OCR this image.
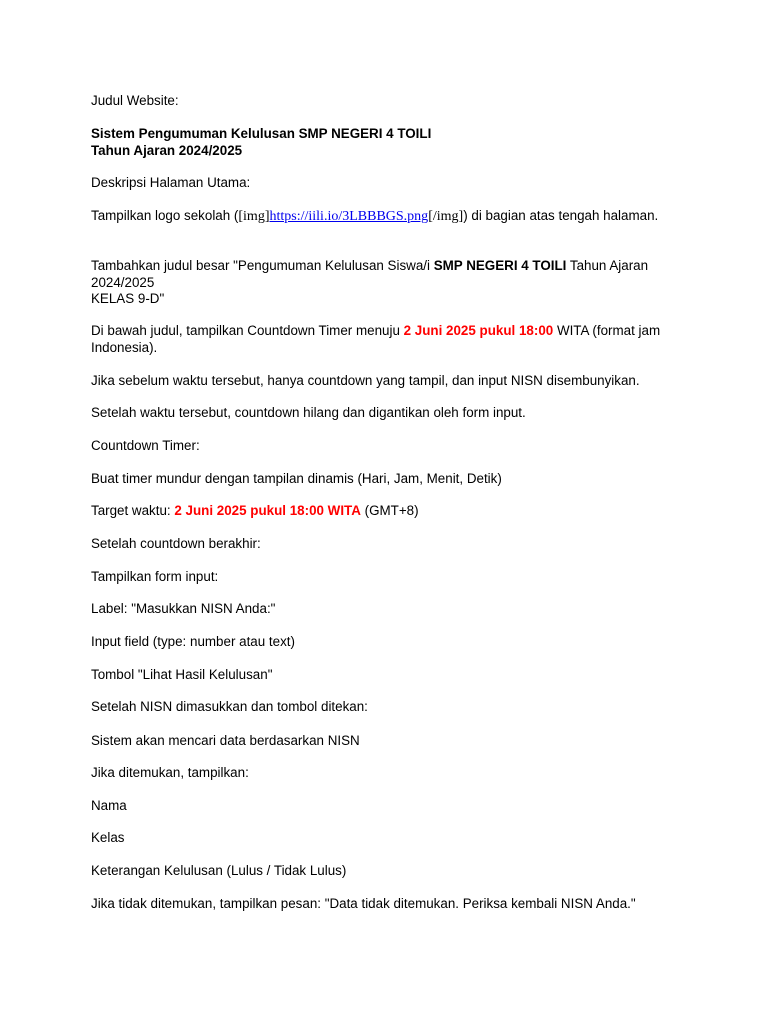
Judul Website:

Sistem Pengumuman Kelulusan SMP NEGERI 4 TOILI
Tahun Ajaran 2024/2025

Deskripsi Halaman Utama:

Tampilkan logo sekolah ([img]https://iili.io/3LBBBGS.png[/img]) di bagian atas tengah halaman.

Tambahkan judul besar "Pengumuman Kelulusan Siswa/i SMP NEGERI 4 TOILI Tahun Ajaran 2024/2025
KELAS 9-D"

Di bawah judul, tampilkan Countdown Timer menuju 2 Juni 2025 pukul 18:00 WITA (format jam Indonesia).

Jika sebelum waktu tersebut, hanya countdown yang tampil, dan input NISN disembunyikan.

Setelah waktu tersebut, countdown hilang dan digantikan oleh form input.

Countdown Timer:

Buat timer mundur dengan tampilan dinamis (Hari, Jam, Menit, Detik)

Target waktu: 2 Juni 2025 pukul 18:00 WITA (GMT+8)

Setelah countdown berakhir:

Tampilkan form input:

Label: "Masukkan NISN Anda:"

Input field (type: number atau text)

Tombol "Lihat Hasil Kelulusan"

Setelah NISN dimasukkan dan tombol ditekan:

Sistem akan mencari data berdasarkan NISN

Jika ditemukan, tampilkan:

Nama

Kelas

Keterangan Kelulusan (Lulus / Tidak Lulus)

Jika tidak ditemukan, tampilkan pesan: "Data tidak ditemukan. Periksa kembali NISN Anda."
